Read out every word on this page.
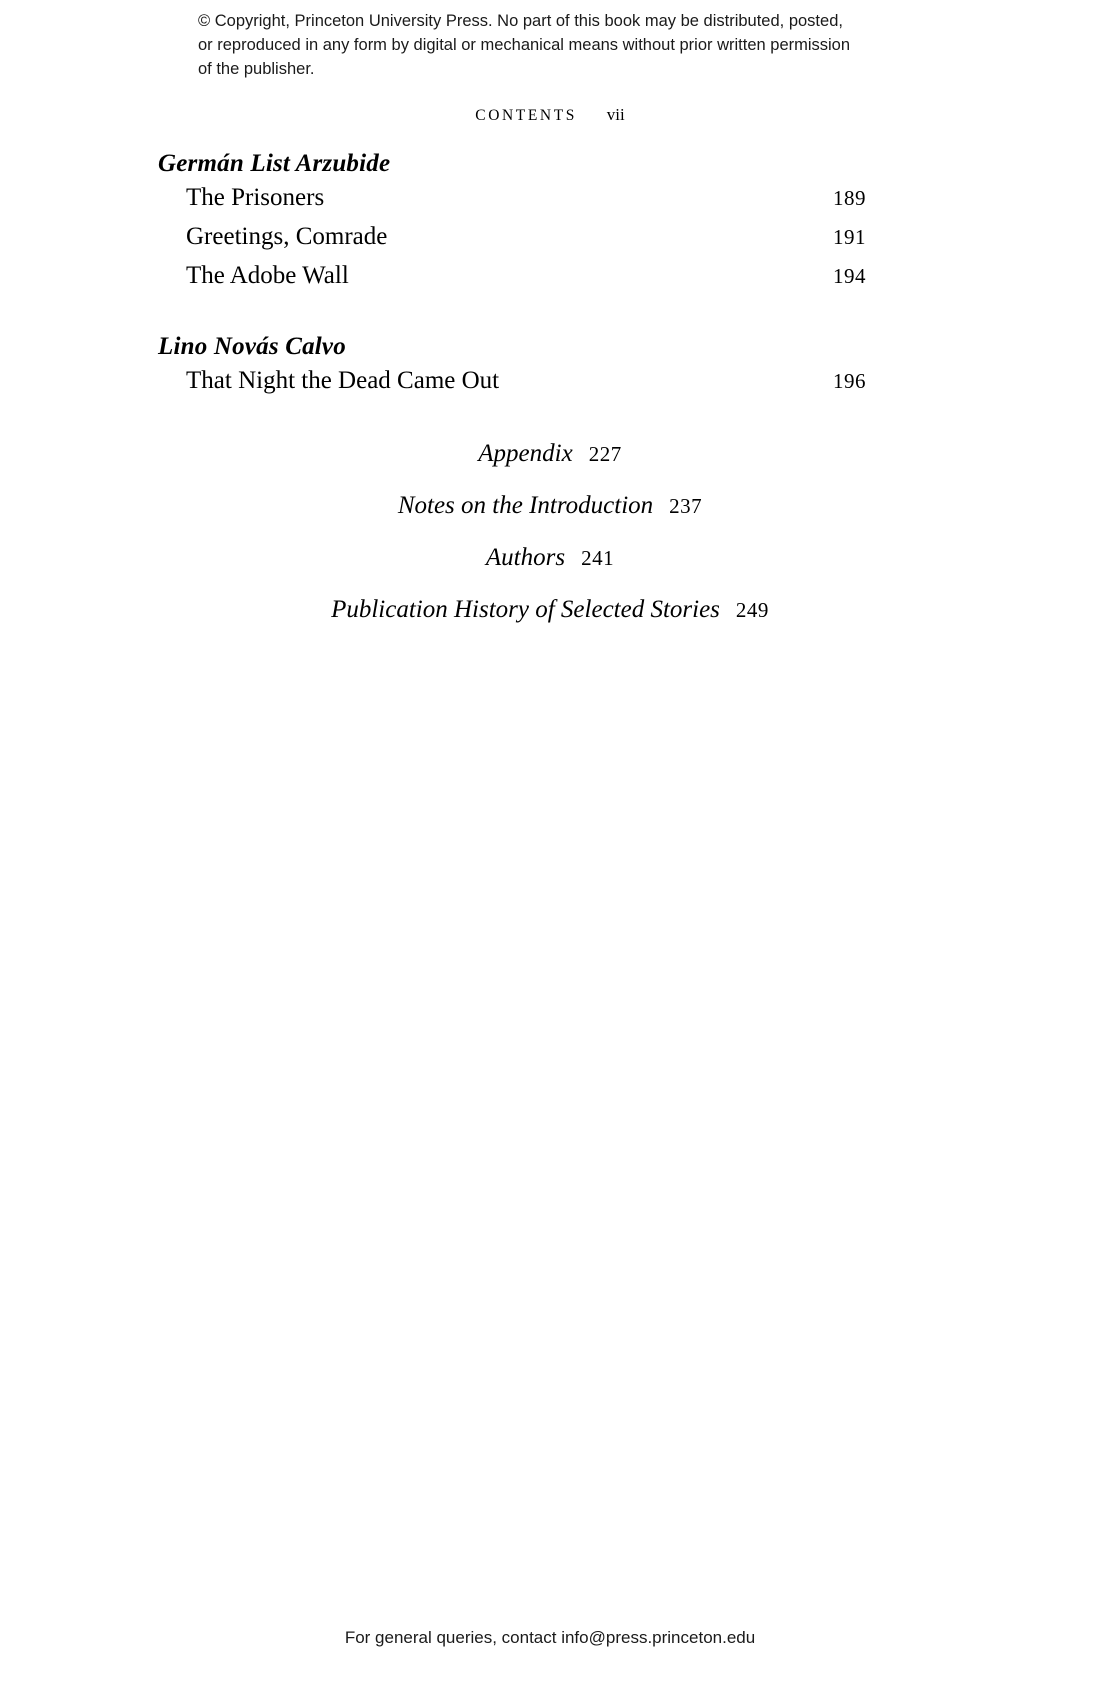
© Copyright, Princeton University Press. No part of this book may be distributed, posted, or reproduced in any form by digital or mechanical means without prior written permission of the publisher.
CONTENTS vii
Germán List Arzubide
The Prisoners	189
Greetings, Comrade	191
The Adobe Wall	194
Lino Novás Calvo
That Night the Dead Came Out	196
Appendix 227
Notes on the Introduction 237
Authors 241
Publication History of Selected Stories 249
For general queries, contact info@press.princeton.edu
